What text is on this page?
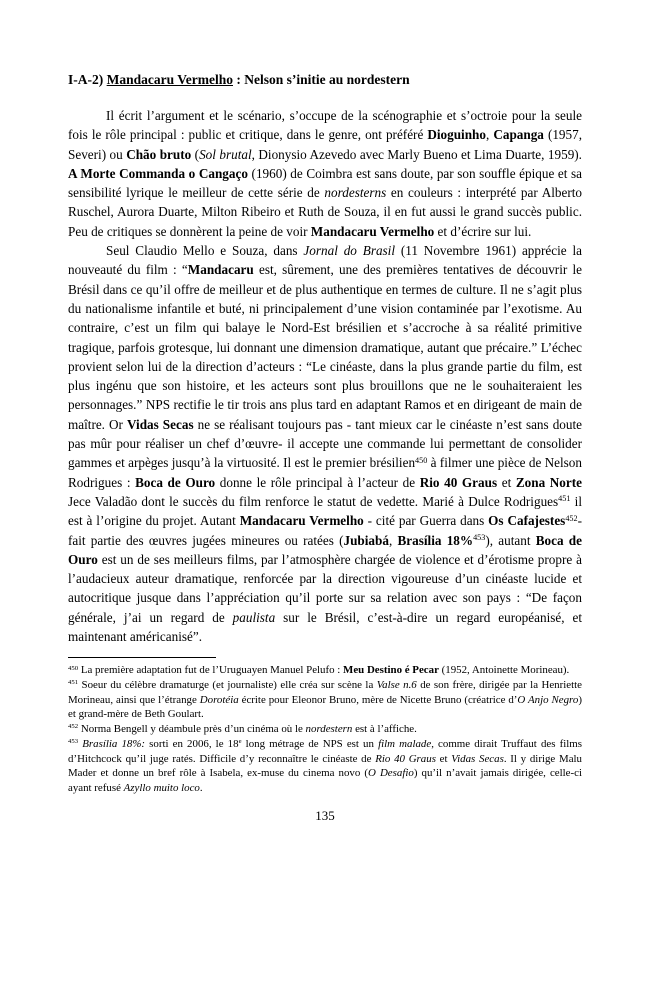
I-A-2) Mandacaru Vermelho : Nelson s’initie au nordestern

Il écrit l’argument et le scénario, s’occupe de la scénographie et s’octroie pour la seule fois le rôle principal : public et critique, dans le genre, ont préféré Dioguinho, Capanga (1957, Severi) ou Chão bruto (Sol brutal, Dionysio Azevedo avec Marly Bueno et Lima Duarte, 1959). A Morte Commanda o Cangaço (1960) de Coimbra est sans doute, par son souffle épique et sa sensibilité lyrique le meilleur de cette série de nordesterns en couleurs : interprété par Alberto Ruschel, Aurora Duarte, Milton Ribeiro et Ruth de Souza, il en fut aussi le grand succès public. Peu de critiques se donnèrent la peine de voir Mandacaru Vermelho et d’écrire sur lui.

Seul Claudio Mello e Souza, dans Jornal do Brasil (11 Novembre 1961) apprécie la nouveauté du film : “Mandacaru est, sûrement, une des premières tentatives de découvrir le Brésil dans ce qu’il offre de meilleur et de plus authentique en termes de culture. Il ne s’agit plus du nationalisme infantile et buté, ni principalement d’une vision contaminée par l’exotisme. Au contraire, c’est un film qui balaye le Nord-Est brésilien et s’accroche à sa réalité primitive tragique, parfois grotesque, lui donnant une dimension dramatique, autant que précaire.” L’échec provient selon lui de la direction d’acteurs : “Le cinéaste, dans la plus grande partie du film, est plus ingénu que son histoire, et les acteurs sont plus brouillons que ne le souhaiteraient les personnages.” NPS rectifie le tir trois ans plus tard en adaptant Ramos et en dirigeant de main de maître. Or Vidas Secas ne se réalisant toujours pas - tant mieux car le cinéaste n’est sans doute pas mûr pour réaliser un chef d’œuvre- il accepte une commande lui permettant de consolider gammes et arpèges jusqu’à la virtuosité. Il est le premier brésilien$^{450}$ à filmer une pièce de Nelson Rodrigues : Boca de Ouro donne le rôle principal à l’acteur de Rio 40 Graus et Zona Norte Jece Valadão dont le succès du film renforce le statut de vedette. Marié à Dulce Rodrigues$^{451}$ il est à l’origine du projet. Autant Mandacaru Vermelho - cité par Guerra dans Os Cafajestes$^{452}$- fait partie des œuvres jugées mineures ou ratées (Jubiabá, Brasília 18%$^{453}$), autant Boca de Ouro est un de ses meilleurs films, par l’atmosphère chargée de violence et d’érotisme propre à l’audacieux auteur dramatique, renforcée par la direction vigoureuse d’un cinéaste lucide et autocritique jusque dans l’appréciation qu’il porte sur sa relation avec son pays : “De façon générale, j’ai un regard de paulista sur le Brésil, c’est-à-dire un regard européanisé, et maintenant américanisé”.

$^{450}$ La première adaptation fut de l’Uruguayen Manuel Pelufo : Meu Destino é Pecar (1952, Antoinette Morineau).
$^{451}$ Soeur du célèbre dramaturge (et journaliste) elle créa sur scène la Valse n.6 de son frère, dirigée par la Henriette Morineau, ainsi que l’étrange Dorotéia écrite pour Eleonor Bruno, mère de Nicette Bruno (créatrice d’O Anjo Negro) et grand-mère de Beth Goulart.
$^{452}$ Norma Bengell y déambule près d’un cinéma où le nordestern est à l’affiche.
$^{453}$ Brasília 18%: sorti en 2006, le 18e long métrage de NPS est un film malade, comme dirait Truffaut des films d’Hitchcock qu’il juge ratés. Difficile d’y reconnaître le cinéaste de Rio 40 Graus et Vidas Secas. Il y dirige Malu Mader et donne un bref rôle à Isabela, ex-muse du cinema novo (O Desafio) qu’il n’avait jamais dirigée, celle-ci ayant refusé Azyllo muito loco.
135
